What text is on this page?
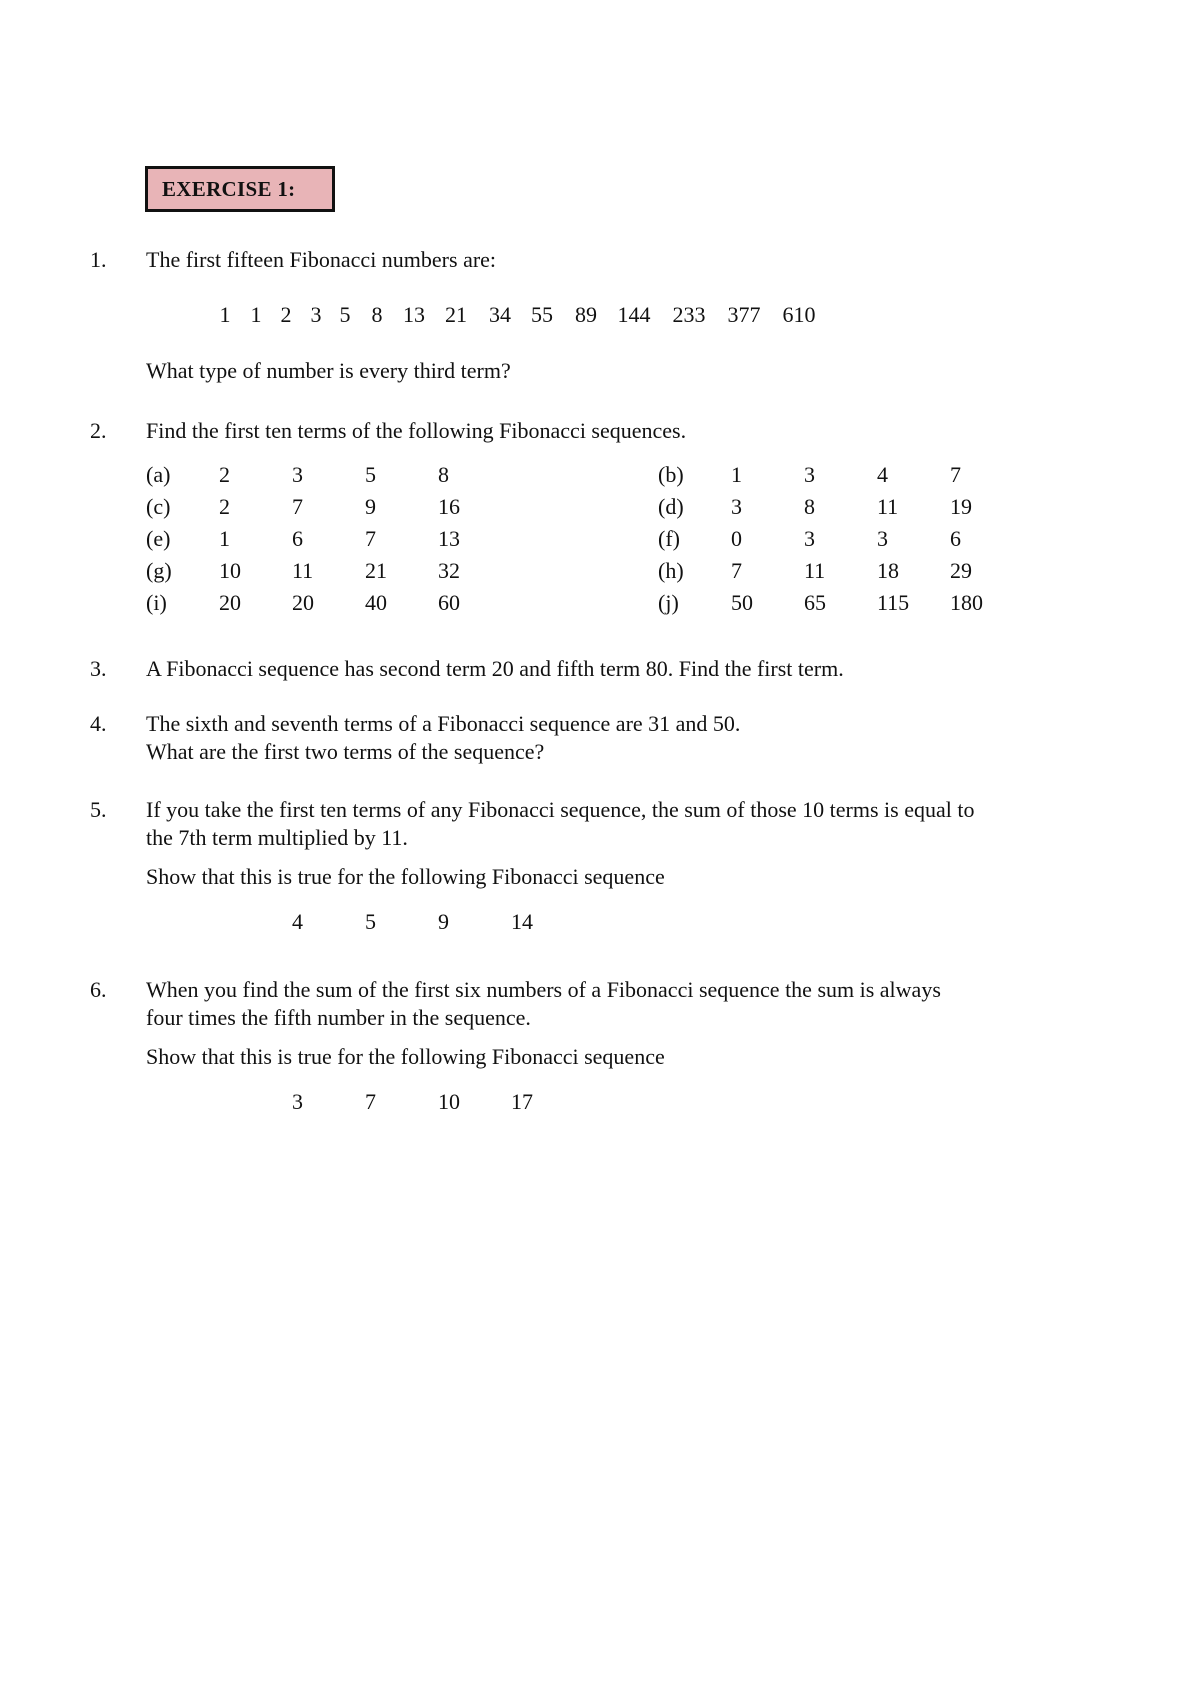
EXERCISE 1:
1. The first fifteen Fibonacci numbers are:
1 1 2 3 5 8 13 21	34 55	89 144 233 377 610
What type of number is every third term?
2. Find the first ten terms of the following Fibonacci sequences.
(a) 2	3	5	8
(c) 2	7	9	16
(e) 1	6	7	13
(g) 10 11 21 32
(i) 20 20 40 60
(b) 1	3	4	7
(d) 3	8	11 19
(f) 0	3	3	6
(h) 7	11 18 29
(j) 50 65 115 180
3. A Fibonacci sequence has second term 20 and fifth term 80. Find the first term.
4. The sixth and seventh terms of a Fibonacci sequence are 31 and 50.
What are the first two terms of the sequence?
5. If you take the first ten terms of any Fibonacci sequence, the sum of those 10 terms is equal to
the 7th term multiplied by 11.
Show that this is true for the following Fibonacci sequence
4	5	9	14
6. When you find the sum of the first six numbers of a Fibonacci sequence the sum is always
four times the fifth number in the sequence.
Show that this is true for the following Fibonacci sequence
3	7	10 17
